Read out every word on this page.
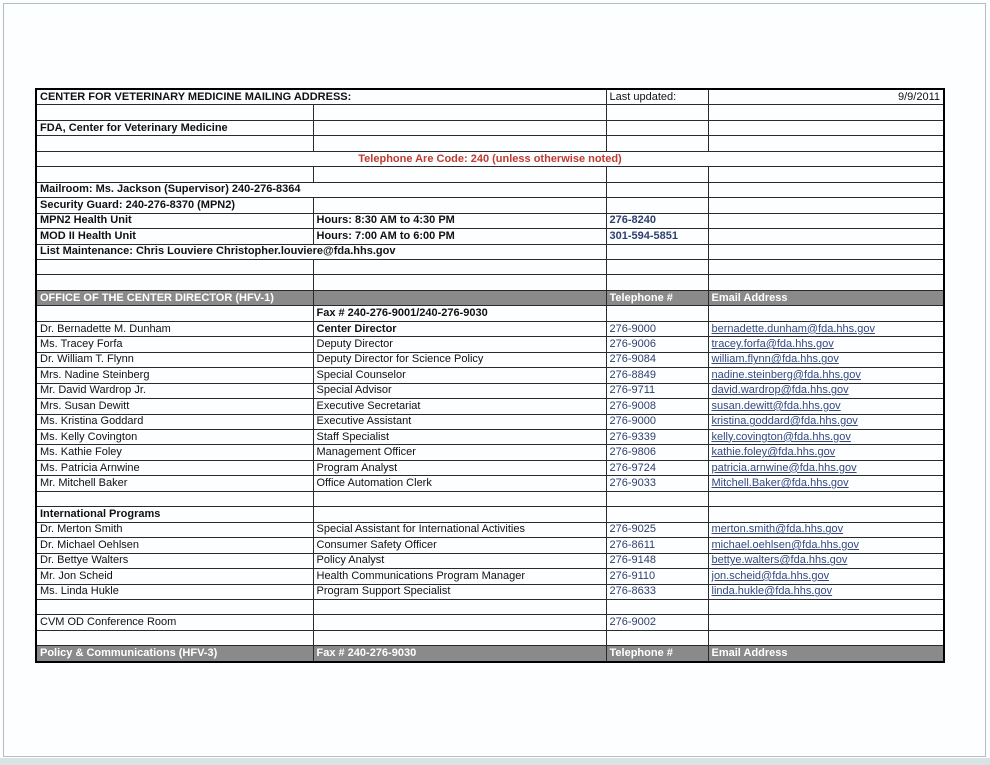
CENTER FOR VETERINARY MEDICINE MAILING ADDRESS:		Last updated:	9/9/2011

FDA, Center for Veterinary Medicine			

Telephone Are Code: 240 (unless otherwise noted)			

Mailroom: Ms. Jackson (Supervisor) 240-276-8364			
Security Guard: 240-276-8370 (MPN2)			
MPN2 Health Unit	Hours: 8:30 AM to 4:30 PM	276-8240	
MOD II Health Unit	Hours: 7:00 AM to 6:00 PM	301-594-5851	
List Maintenance: Chris Louviere Christopher.louviere@fda.hhs.gov			

OFFICE OF THE CENTER DIRECTOR (HFV-1)		Telephone #	Email Address
	Fax # 240-276-9001/240-276-9030		
Dr. Bernadette M. Dunham	Center Director	276-9000	bernadette.dunham@fda.hhs.gov
Ms. Tracey Forfa	Deputy Director	276-9006	tracey.forfa@fda.hhs.gov
Dr. William T. Flynn	Deputy Director for Science Policy	276-9084	william.flynn@fda.hhs.gov
Mrs. Nadine Steinberg	Special Counselor	276-8849	nadine.steinberg@fda.hhs.gov
Mr. David Wardrop Jr.	Special Advisor	276-9711	david.wardrop@fda.hhs.gov
Mrs. Susan Dewitt	Executive Secretariat	276-9008	susan.dewitt@fda.hhs.gov
Ms. Kristina Goddard	Executive Assistant	276-9000	kristina.goddard@fda.hhs.gov
Ms. Kelly Covington	Staff Specialist	276-9339	kelly.covington@fda.hhs.gov
Ms. Kathie Foley	Management Officer	276-9806	kathie.foley@fda.hhs.gov
Ms. Patricia Arnwine	Program Analyst	276-9724	patricia.arnwine@fda.hhs.gov
Mr. Mitchell Baker	Office Automation Clerk	276-9033	Mitchell.Baker@fda.hhs.gov

International Programs			
Dr. Merton Smith	Special Assistant for International Activities	276-9025	merton.smith@fda.hhs.gov
Dr. Michael Oehlsen	Consumer Safety Officer	276-8611	michael.oehlsen@fda.hhs.gov
Dr. Bettye Walters	Policy Analyst	276-9148	bettye.walters@fda.hhs.gov
Mr. Jon Scheid	Health Communications Program Manager	276-9110	jon.scheid@fda.hhs.gov
Ms. Linda Hukle	Program Support Specialist	276-8633	linda.hukle@fda.hhs.gov

CVM OD Conference Room		276-9002	

Policy & Communications (HFV-3)	Fax # 240-276-9030	Telephone #	Email Address
